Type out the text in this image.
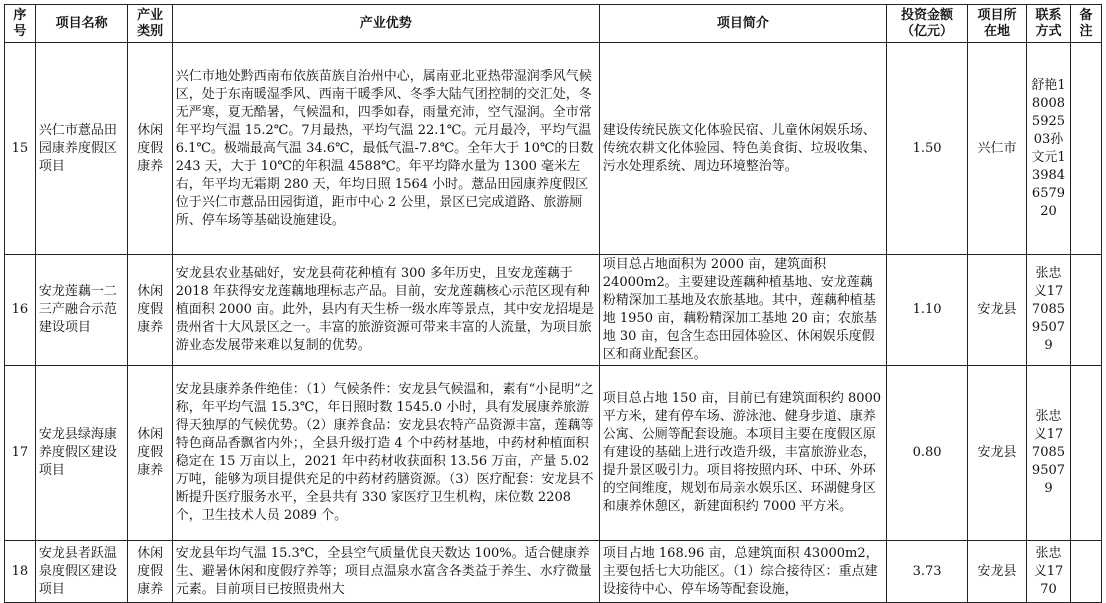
序号	项目名称	产业类别	产业优势	项目简介	投资金额（亿元）	项目所在地	联系方式	备注
15	兴仁市薏品田园康养度假区项目	休闲度假康养	兴仁市地处黔西南布依族苗族自治州中心，属南亚北亚热带湿润季风气候区，处于东南暖湿季风、西南干暖季风、冬季大陆气团控制的交汇处，冬无严寒，夏无酷暑，气候温和，四季如春，雨量充沛，空气湿润。全市常年平均气温 15.2℃。7月最热，平均气温 22.1℃。元月最冷，平均气温 6.1℃。极端最高气温 34.6℃，最低气温-7.8℃。全年大于 10℃的日数 243 天，大于 10℃的年积温 4588℃。年平均降水量为 1300 毫米左右，年平均无霜期 280 天，年均日照 1564 小时。薏品田园康养度假区位于兴仁市薏品田园街道，距市中心 2 公里，景区已完成道路、旅游厕所、停车场等基础设施建设。	建设传统民族文化体验民宿、儿童休闲娱乐场、传统农耕文化体验园、特色美食街、垃圾收集、污水处理系统、周边环境整治等。	1.50	兴仁市	舒艳18008592503孙文元13984657920	
16	安龙莲藕一二三产融合示范建设项目	休闲度假康养	安龙县农业基础好，安龙县荷花种植有 300 多年历史，且安龙莲藕于 2018 年获得安龙莲藕地理标志产品。目前，安龙莲藕核心示范区现有种植面积 2000 亩。此外，县内有天生桥一级水库等景点，其中安龙招堤是贵州省十大风景区之一。丰富的旅游资源可带来丰富的人流量，为项目旅游业态发展带来难以复制的优势。	项目总占地面积为 2000 亩，建筑面积 24000m2。主要建设莲藕种植基地、安龙莲藕粉精深加工基地及农旅基地。其中，莲藕种植基地 1950 亩，藕粉精深加工基地 20 亩；农旅基地 30 亩，包含生态田园体验区、休闲娱乐度假区和商业配套区。	1.10	安龙县	张忠义17708595079	
17	安龙县绿海康养度假区建设项目	休闲度假康养	安龙县康养条件绝佳：（1）气候条件：安龙县气候温和，素有“小昆明”之称，年平均气温 15.3℃，年日照时数 1545.0 小时，具有发展康养旅游得天独厚的气候优势。（2）康养食品：安龙县农特产品资源丰富，莲藕等特色商品香飘省内外；，全县升级打造 4 个中药材基地，中药材种植面积稳定在 15 万亩以上，2021 年中药材收获面积 13.56 万亩，产量 5.02 万吨，能够为项目提供充足的中药材药膳资源。（3）医疗配套：安龙县不断提升医疗服务水平，全县共有 330 家医疗卫生机构，床位数 2208 个，卫生技术人员 2089 个。	项目总占地 150 亩，目前已有建筑面积约 8000 平方米，建有停车场、游泳池、健身步道、康养公寓、公厕等配套设施。本项目主要在度假区原有建设的基础上进行改造升级，丰富旅游业态，提升景区吸引力。项目将按照内环、中环、外环的空间维度，规划布局亲水娱乐区、环湖健身区和康养休憩区，新建面积约 7000 平方米。	0.80	安龙县	张忠义17708595079	
18	安龙县者跃温泉度假区建设项目	休闲度假康养	安龙县年均气温 15.3℃，全县空气质量优良天数达 100%。适合健康养生、避暑休闲和度假疗养等；项目点温泉水富含各类益于养生、水疗微量元素。目前项目已按照贵州大	项目占地 168.96 亩，总建筑面积 43000m2，主要包括七大功能区。（1）综合接待区：重点建设接待中心、停车场等配套设施，	3.73	安龙县	张忠义1770	
